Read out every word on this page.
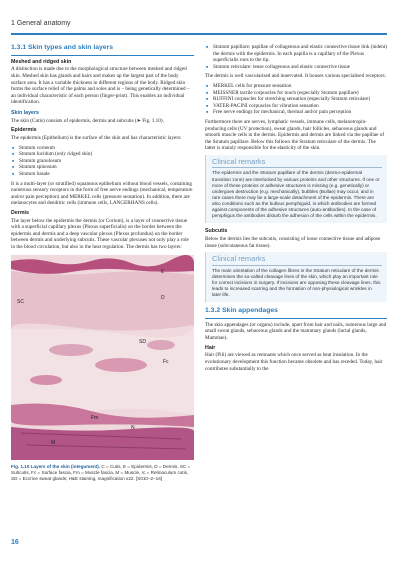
1 General anatomy
1.3.1 Skin types and skin layers
Meshed and ridged skin

A distinction is made due to the morphological structure between meshed and ridged skin. Meshed skin has glands and hairs and makes up the largest part of the body surface area. It has a variable thickness in different regions of the body. Ridged skin forms the surface relief of the palms and soles and is – being genetically determined – an individual characteristic of each person (finger-print). This enables an individual identification.

Skin layers

The skin (Cutis) consists of epidermis, dermis and subcutis (➤ Fig. 1.10).

Epidermis

The epidermis (Epithelium) is the surface of the skin and has characteristic layers:

■ Stratum corneum
■ Stratum lucidum (only ridged skin)
■ Stratum granulosum
■ Stratum spinosum
■ Stratum basale

It is a multi-layer (or stratified) squamous epithelium without blood vessels, containing numerous sensory receptors in the form of free nerve endings (mechanical, temperature and/or pain perception) and MERKEL cells (pressure sensation). In addition, there are melanocytes and dendritic cells (immune cells, LANGERHANS cells).

Dermis

The layer below the epidermis the dermis (or Corium), is a layer of connective tissue with a superficial capillary plexus (Plexus superficialis) on the border between the epidermis and dermis and a deep vascular plexus (Plexus profundus) on the border between dermis and underlying subcutis. These vascular plexuses not only play a role in the blood circulation, but also in the heat regulation. The dermis has two layers:

E
SC
D
SD
Fc
Fm
M
N
Fig. 1.10 Layers of the skin (integument). C = Cutis, E = Epidermis, D = Dermis, SC = Subcutis, Fc = Surface fascia, Fm = Muscle fascia, M = Muscle, rc = Retinaculum cutis, SD = Eccrine sweat glands; H&E staining, magnification x22. [S010–2–16]
■ Stratum papillare: papillae of collagenous and elastic connective tissue link (indent) the dermis with the epidermis. In each papilla is a capillary of the Plexus superficialis runs to the tip.
■ Stratum reticulare: tense collagenous and elastic connective tissue

The dermis is well vascularised and innervated. It houses various specialised receptors:

■ MERKEL cells for pressure sensation
■ MEISSNER tactile corpuscles for touch (especially Stratum papillare)
■ RUFFINI corpuscles for stretching sensation (especially Stratum reticulare)
■ VATER-PACINI corpuscles for vibration sensation
■ Free nerve endings for mechanical, thermal and/or pain perception

Furthermore there are nerves, lymphatic vessels, immune cells, melanotropin-producing cells (UV protection), sweat glands, hair follicles, sebaceous glands and smooth muscle cells in the dermis. Epidermis and dermis are linked via the papillae of the Stratum papillare. Below this follows the Stratum reticulare of the dermis. The latter is mainly responsible for the elasticity of the skin.

Clinical remarks
The epidermis and the Stratum papillare of the dermis (dermo-epidermal transition zone) are interlocked by various proteins and other structures. If one or more of these proteins or adhesive structures is missing (e.g. genetically) or undergoes destruction (e.g. mechanically), bubbles (Bullae) may occur, and in rare cases there may be a large-scale detachment of the epidermis. There are also conditions such as the bullous pemphigoid, in which antibodies are formed against components of the adhesive structures (auto-antibodies). In the case of pemphigus the antibodies disturb the adhesion of the cells within the epidermis.
Subcutis

Below the dermis lies the subcutis, consisting of loose connective tissue and adipose tissue (subcutaneous fat tissue).

Clinical remarks
The main orientation of the collagen fibres in the Stratum reticulare of the dermis determines the so-called cleavage lines of the skin, which play an important role for correct incisions in surgery. If incisions are opposing these cleavage lines, this leads to increased scarring and the formation of non-physiological wrinkles in later life.
1.3.2 Skin appendages

The skin appendages (or organs) include, apart from hair and nails, numerous large and small sweat glands, sebaceous glands and the mammary glands (lactal glands, Mammae).

Hair

Hair (Pili) are viewed as remnants which once served as heat insulation. In the evolutionary development this function became obsolete and has receded. Today, hair contributes substantially to the

16
